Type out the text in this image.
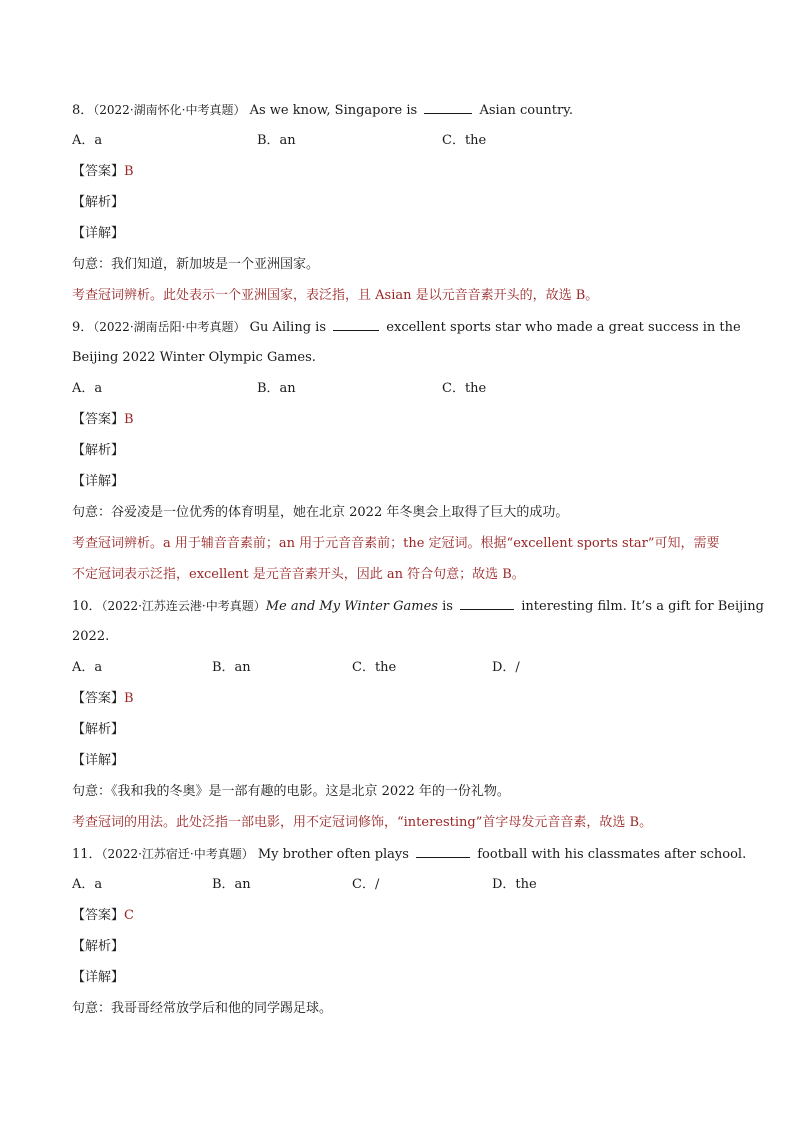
8．（2022·湖南怀化·中考真题） As we know, Singapore is	Asian country.
A．a	B．an	C．the
【答案】B
【解析】
【详解】
句意：我们知道，新加坡是一个亚洲国家。
考查冠词辨析。此处表示一个亚洲国家，表泛指，且 Asian 是以元音音素开头的，故选 B。
9．（2022·湖南岳阳·中考真题） Gu Ailing is	excellent sports star who made a great success in the
Beijing 2022 Winter Olympic Games.
A．a	B．an	C．the
【答案】B
【解析】
【详解】
句意：谷爱凌是一位优秀的体育明星，她在北京 2022 年冬奥会上取得了巨大的成功。
考查冠词辨析。a 用于辅音音素前；an 用于元音音素前；the 定冠词。根据“excellent sports star”可知，需要
不定冠词表示泛指，excellent 是元音音素开头，因此 an 符合句意；故选 B。
10．（2022·江苏连云港·中考真题）Me and My Winter Games is	interesting film. It’s a gift for Beijing
2022.
A．a	B．an	C．the	D．/
【答案】B
【解析】
【详解】
句意：《我和我的冬奥》是一部有趣的电影。这是北京 2022 年的一份礼物。
考查冠词的用法。此处泛指一部电影，用不定冠词修饰，“interesting”首字母发元音音素，故选 B。
11．（2022·江苏宿迁·中考真题） My brother often plays	football with his classmates after school.
A．a	B．an	C．/	D．the
【答案】C
【解析】
【详解】
句意：我哥哥经常放学后和他的同学踢足球。
